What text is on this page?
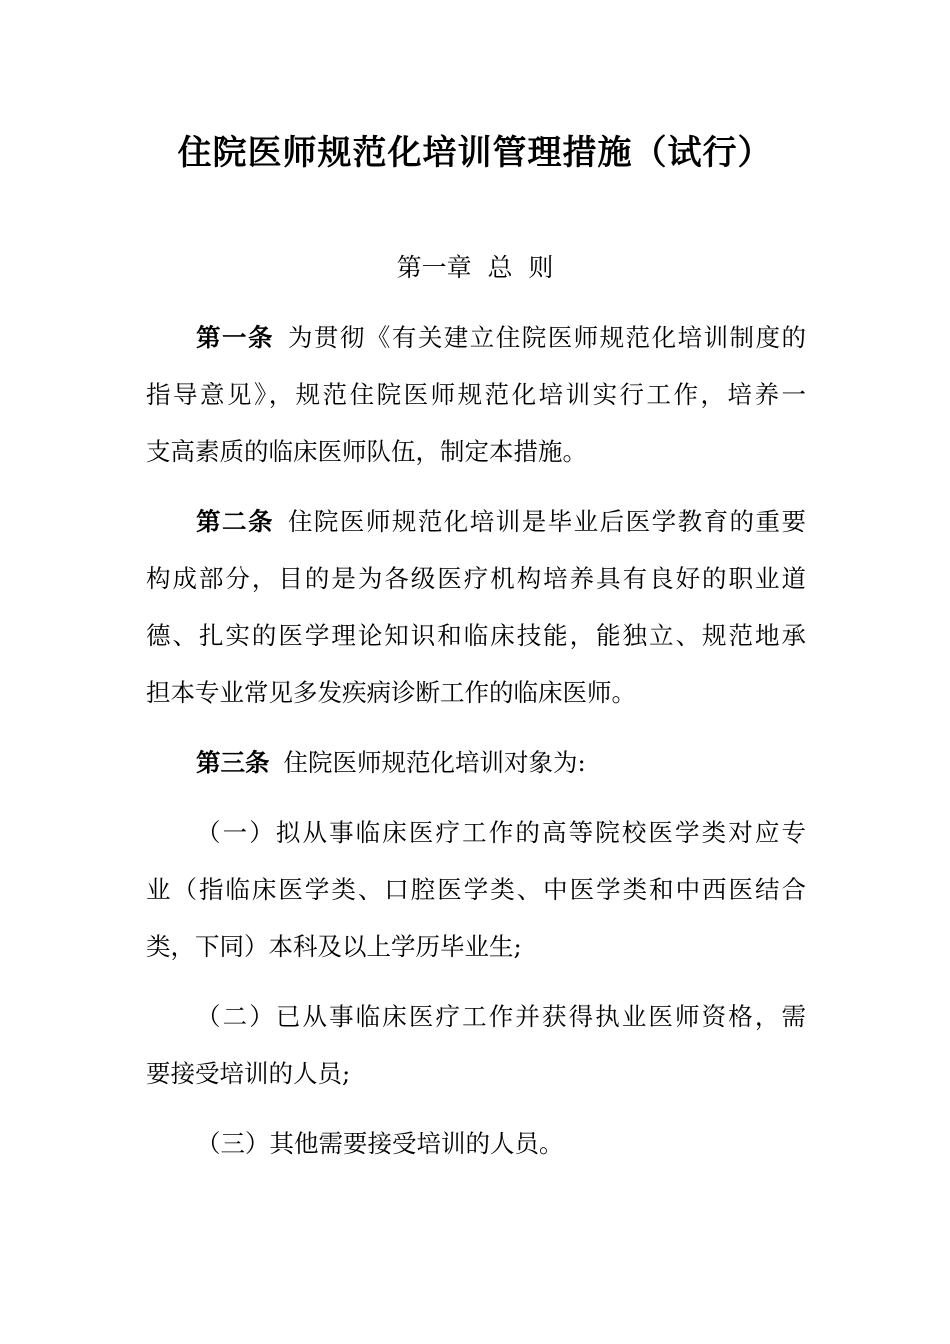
住院医师规范化培训管理措施（试行）
第一章  总  则
第一条 为贯彻《有关建立住院医师规范化培训制度的
指导意见》，规范住院医师规范化培训实行工作，培养一
支高素质的临床医师队伍，制定本措施。
第二条 住院医师规范化培训是毕业后医学教育的重要
构成部分，目的是为各级医疗机构培养具有良好的职业道
德、扎实的医学理论知识和临床技能，能独立、规范地承
担本专业常见多发疾病诊断工作的临床医师。
第三条 住院医师规范化培训对象为:
（一）拟从事临床医疗工作的高等院校医学类对应专
业（指临床医学类、口腔医学类、中医学类和中西医结合
类，下同）本科及以上学历毕业生;
（二）已从事临床医疗工作并获得执业医师资格，需
要接受培训的人员;
（三）其他需要接受培训的人员。
